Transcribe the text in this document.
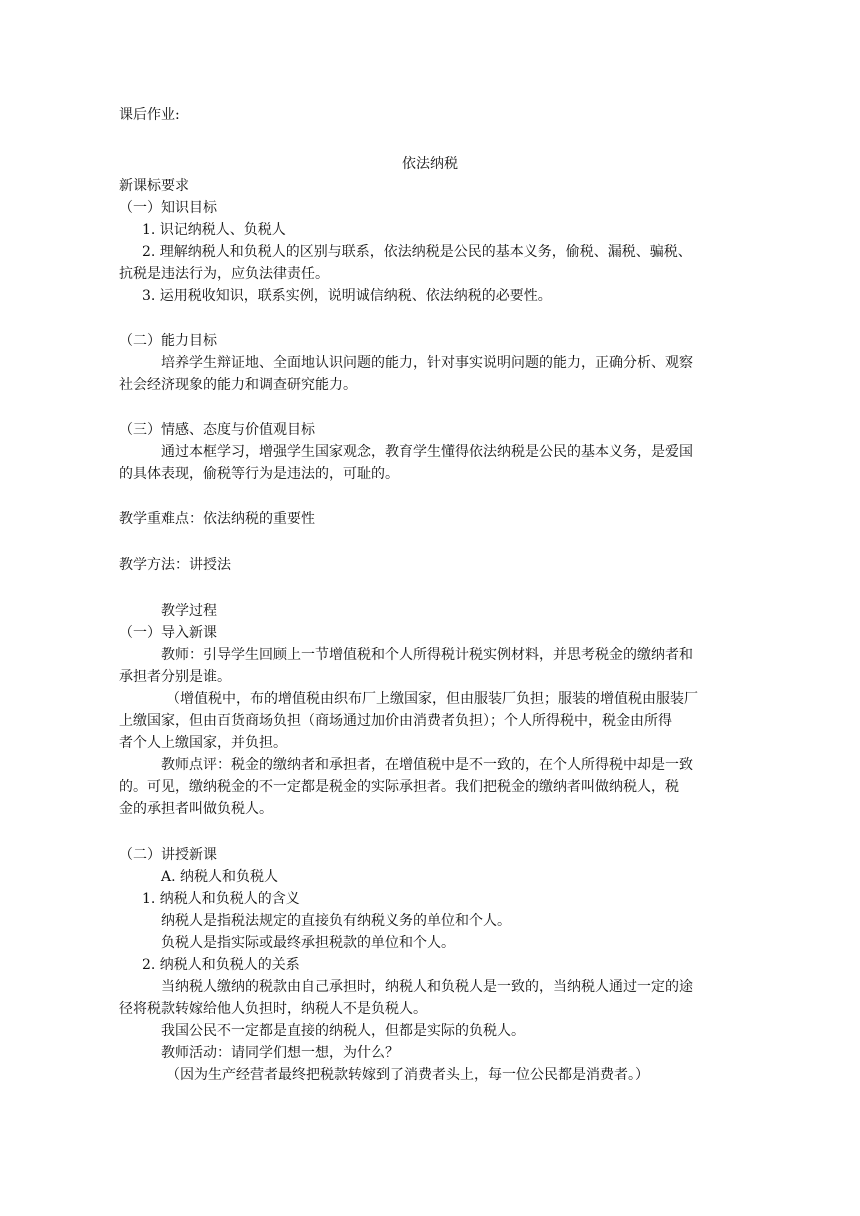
课后作业:
依法纳税
新课标要求
（一）知识目标
1. 识记纳税人、负税人
2. 理解纳税人和负税人的区别与联系，依法纳税是公民的基本义务，偷税、漏税、骗税、
抗税是违法行为，应负法律责任。
3. 运用税收知识，联系实例，说明诚信纳税、依法纳税的必要性。
（二）能力目标
培养学生辩证地、全面地认识问题的能力，针对事实说明问题的能力，正确分析、观察
社会经济现象的能力和调查研究能力。
（三）情感、态度与价值观目标
通过本框学习，增强学生国家观念，教育学生懂得依法纳税是公民的基本义务，是爱国
的具体表现，偷税等行为是违法的，可耻的。
教学重难点：依法纳税的重要性
教学方法：讲授法
教学过程
（一）导入新课
教师：引导学生回顾上一节增值税和个人所得税计税实例材料，并思考税金的缴纳者和
承担者分别是谁。
（增值税中，布的增值税由织布厂上缴国家，但由服装厂负担；服装的增值税由服装厂
上缴国家，但由百货商场负担（商场通过加价由消费者负担）；个人所得税中，税金由所得
者个人上缴国家，并负担。
教师点评：税金的缴纳者和承担者，在增值税中是不一致的，在个人所得税中却是一致
的。可见，缴纳税金的不一定都是税金的实际承担者。我们把税金的缴纳者叫做纳税人，税
金的承担者叫做负税人。
（二）讲授新课
A. 纳税人和负税人
1. 纳税人和负税人的含义
纳税人是指税法规定的直接负有纳税义务的单位和个人。
负税人是指实际或最终承担税款的单位和个人。
2. 纳税人和负税人的关系
当纳税人缴纳的税款由自己承担时，纳税人和负税人是一致的，当纳税人通过一定的途
径将税款转嫁给他人负担时，纳税人不是负税人。
我国公民不一定都是直接的纳税人，但都是实际的负税人。
教师活动：请同学们想一想，为什么？
（因为生产经营者最终把税款转嫁到了消费者头上，每一位公民都是消费者。）
